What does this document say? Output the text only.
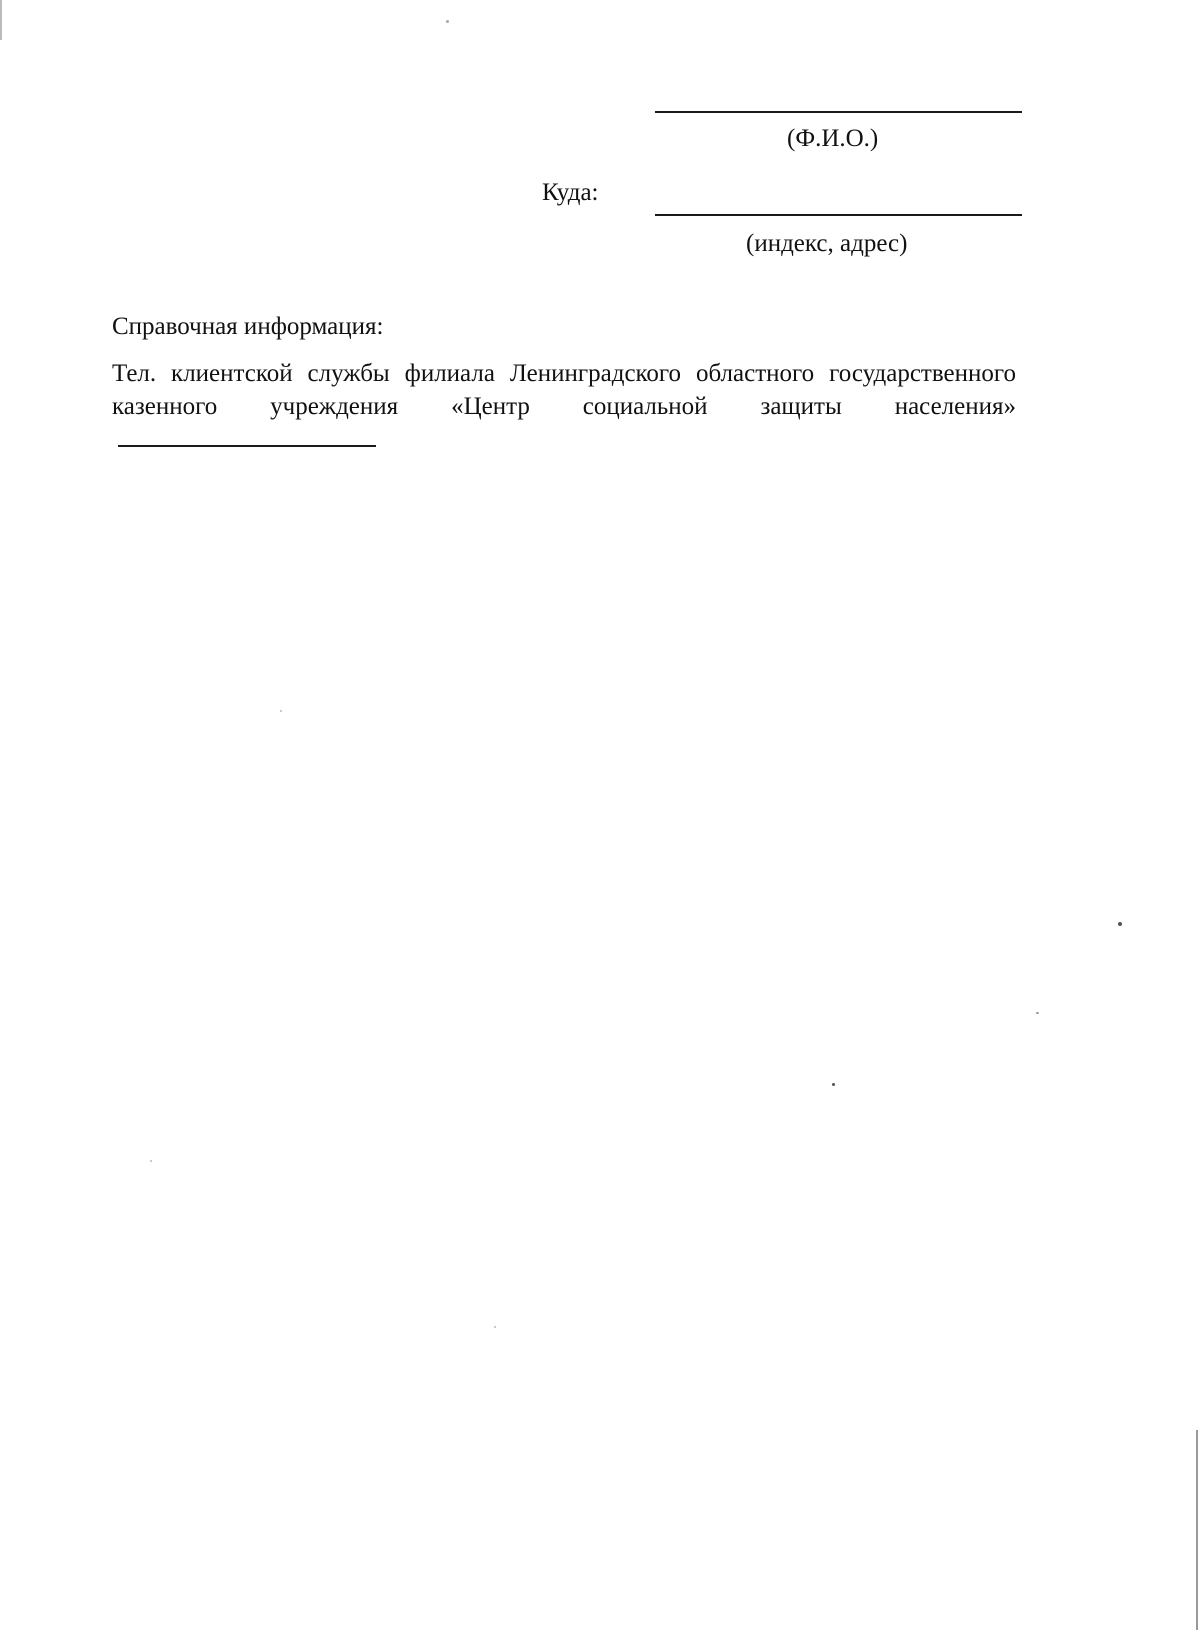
(Ф.И.О.)
Куда:
(индекс, адрес)
Справочная информация:
Тел. клиентской службы филиала Ленинградского областного государственного казенного учреждения «Центр социальной защиты населения»
